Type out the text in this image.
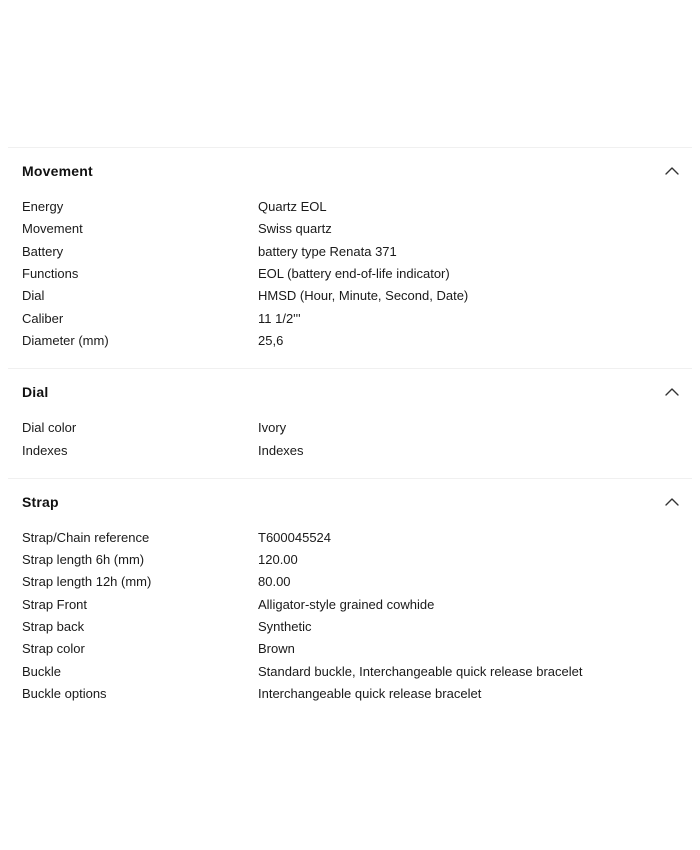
Movement
Energy	Quartz EOL
Movement	Swiss quartz
Battery	battery type Renata 371
Functions	EOL (battery end-of-life indicator)
Dial	HMSD (Hour, Minute, Second, Date)
Caliber	11 1/2'''
Diameter (mm)	25,6
Dial
Dial color	Ivory
Indexes	Indexes
Strap
Strap/Chain reference	T600045524
Strap length 6h (mm)	120.00
Strap length 12h (mm)	80.00
Strap Front	Alligator-style grained cowhide
Strap back	Synthetic
Strap color	Brown
Buckle	Standard buckle, Interchangeable quick release bracelet
Buckle options	Interchangeable quick release bracelet
